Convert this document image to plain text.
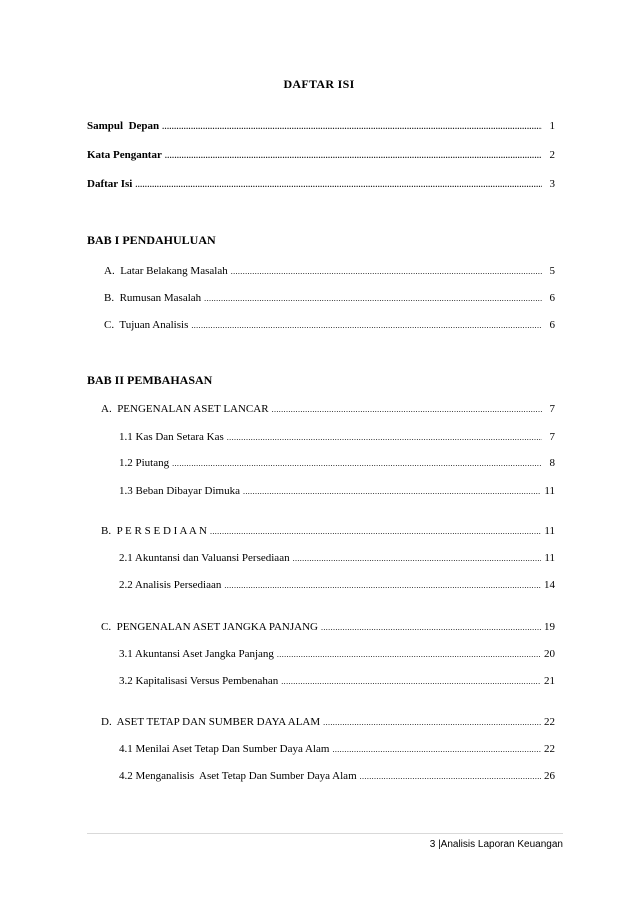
DAFTAR ISI
Sampul  Depan .....	1
Kata Pengantar .....	2
Daftar Isi .....	3
BAB I PENDAHULUAN
A.  Latar Belakang Masalah .....	5
B.  Rumusan Masalah .....	6
C.  Tujuan Analisis .....	6
BAB II PEMBAHASAN
A.  PENGENALAN ASET LANCAR .....	7
1.1 Kas Dan Setara Kas .....	7
1.2 Piutang .....	8
1.3 Beban Dibayar Dimuka .....	11
B.  P E R S E D I A A N .....	11
2.1 Akuntansi dan Valuansi Persediaan .....	11
2.2 Analisis Persediaan .....	14
C.  PENGENALAN ASET JANGKA PANJANG .....	19
3.1 Akuntansi Aset Jangka Panjang .....	20
3.2 Kapitalisasi Versus Pembenahan .....	21
D.  ASET TETAP DAN SUMBER DAYA ALAM .....	22
4.1 Menilai Aset Tetap Dan Sumber Daya Alam .....	22
4.2 Menganalisis  Aset Tetap Dan Sumber Daya Alam .....	26
3 |Analisis Laporan Keuangan
